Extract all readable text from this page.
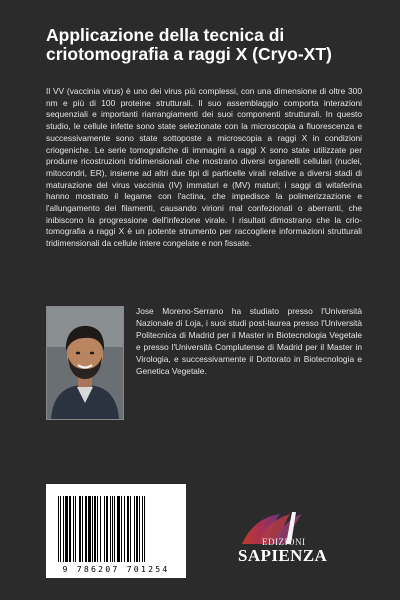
Applicazione della tecnica di criotomografia a raggi X (Cryo-XT)

Il VV (vaccinia virus) è uno dei virus più complessi, con una dimensione di oltre 300 nm e più di 100 proteine strutturali. Il suo assemblaggio comporta interazioni sequenziali e importanti riarrangiamenti dei suoi componenti strutturali. In questo studio, le cellule infette sono state selezionate con la microscopia a fluorescenza e successivamente sono state sottoposte a microscopia a raggi X in condizioni criogeniche. Le serie tomografiche di immagini a raggi X sono state utilizzate per produrre ricostruzioni tridimensionali che mostrano diversi organelli cellulari (nuclei, mitocondri, ER), insieme ad altri due tipi di particelle virali relative a diversi stadi di maturazione del virus vaccinia (IV) immaturi e (MV) maturi; i saggi di witaferina hanno mostrato il legame con l'actina, che impedisce la polimerizzazione e l'allungamento dei filamenti, causando virioni mal confezionati o aberranti, che inibiscono la progressione dell'infezione virale. I risultati dimostrano che la crio-tomografia a raggi X è un potente strumento per raccogliere informazioni strutturali tridimensionali da cellule intere congelate e non fissate.

Jose Moreno-Serrano ha studiato presso l'Università Nazionale di Loja, i suoi studi post-laurea presso l'Università Politecnica di Madrid per il Master in Biotecnologia Vegetale e presso l'Università Complutense di Madrid per il Master in Virologia, e successivamente il Dottorato in Biotecnologia e Genetica Vegetale.

9 786207 701254
EDIZIONI
SAPIENZA
